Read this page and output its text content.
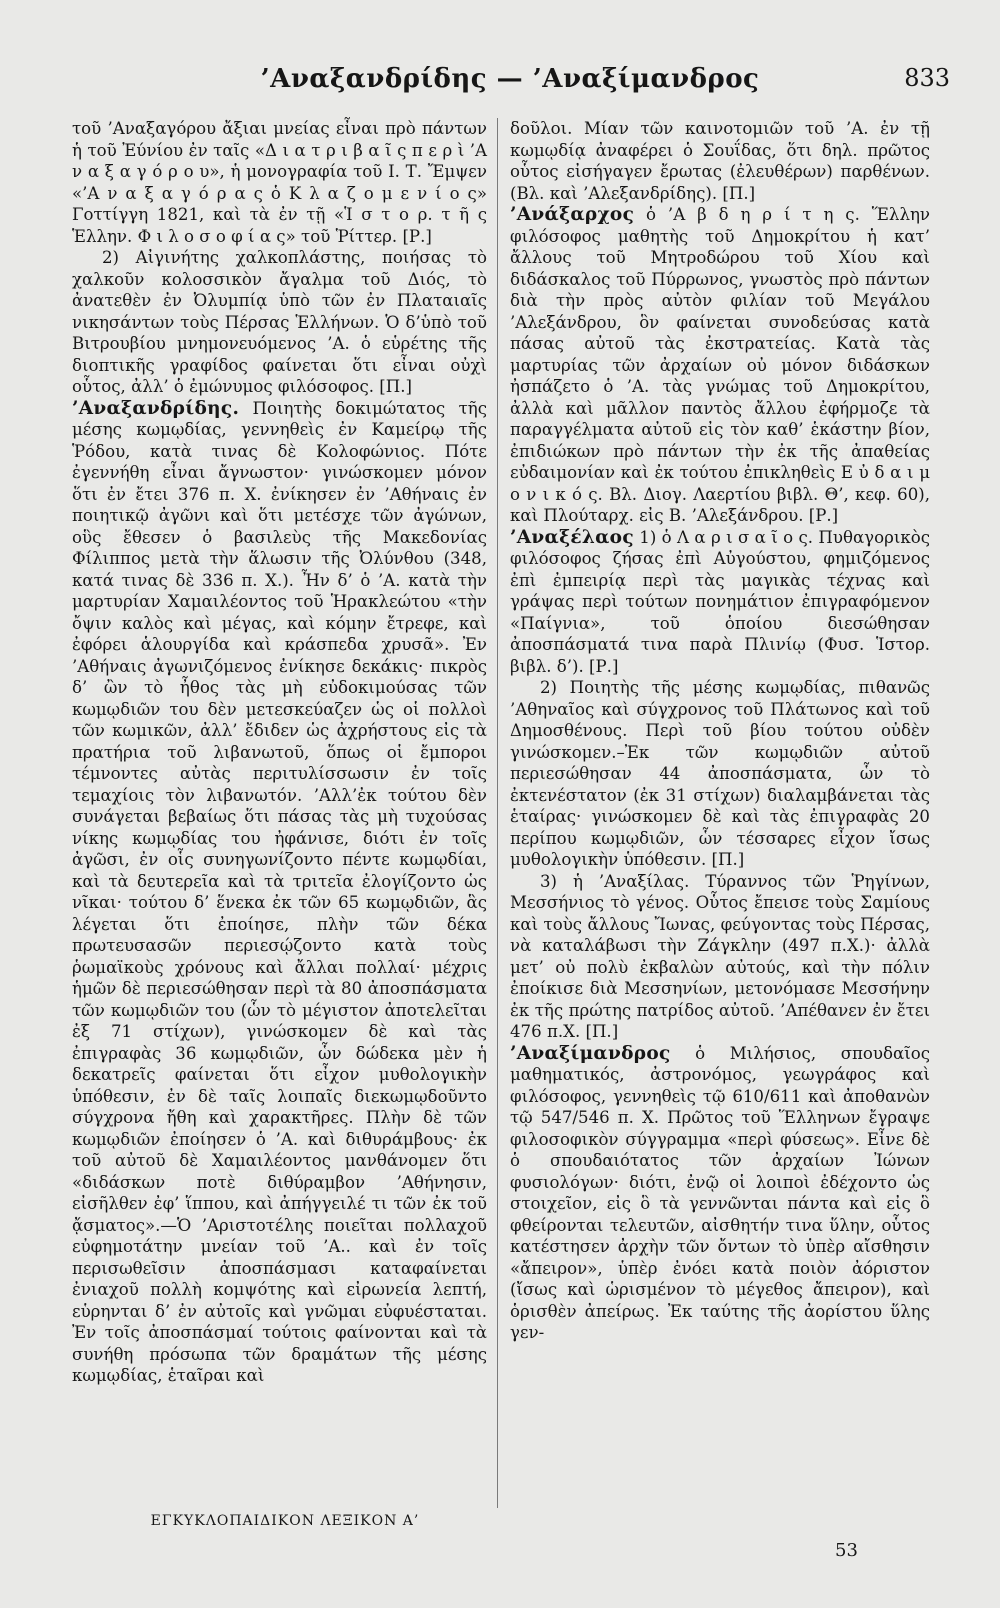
’Αναξανδρίδης — ’Αναξίμανδρος	833

τοῦ ’Αναξαγόρου ἄξιαι μνείας εἶναι πρὸ πάντων ἡ τοῦ Ἐύνίου ἐν ταῖς «Δ ι α τ ρ ι β α ῖ ς π ε ρ ὶ ’Α ν α ξ α γ ό ρ ο υ», ἡ μονογραφία τοῦ Ι. Τ. Ἔμψεν «’Α ν α ξ α γ ό ρ α ς ὁ Κ λ α ζ ο μ ε ν ί ο ς» Γοττίγγη 1821, καὶ τὰ ἐν τῇ «Ἱ σ τ ο ρ. τ ῆ ς Ἑλλην. Φ ι λ ο σ ο φ ί α ς» τοῦ Ῥίττερ. [Ρ.]

2) Αἰγινήτης χαλκοπλάστης, ποιήσας τὸ χαλκοῦν κολοσσικὸν ἄγαλμα τοῦ Διός, τὸ ἀνατεθὲν ἐν Ὀλυμπίᾳ ὑπὸ τῶν ἐν Πλαταιαῖς νικησάντων τοὺς Πέρσας Ἑλλήνων. Ὁ δ’ὑπὸ τοῦ Βιτρουβίου μνημονευόμενος ’Α. ὁ εὑρέτης τῆς διοπτικῆς γραφίδος φαίνεται ὅτι εἶναι οὐχὶ οὗτος, ἀλλ’ ὁ ἐμώνυμος φιλόσοφος. [Π.]

’Αναξανδρίδης. Ποιητὴς δοκιμώτατος τῆς μέσης κωμῳδίας, γεννηθεὶς ἐν Καμείρῳ τῆς Ῥόδου, κατὰ τινας δὲ Κολοφώνιος. Πότε ἐγεννήθη εἶναι ἄγνωστον· γινώσκομεν μόνον ὅτι ἐν ἔτει 376 π. Χ. ἐνίκησεν ἐν ’Αθήναις ἐν ποιητικῷ ἀγῶνι καὶ ὅτι μετέσχε τῶν ἀγώνων, οὓς ἔθεσεν ὁ βασιλεὺς τῆς Μακεδονίας Φίλιππος μετὰ τὴν ἅλωσιν τῆς Ὀλύνθου (348, κατά τινας δὲ 336 π. Χ.). Ἦν δ’ ὁ ’Α. κατὰ τὴν μαρτυρίαν Χαμαιλέοντος τοῦ Ἡρακλεώτου «τὴν ὄψιν καλὸς καὶ μέγας, καὶ κόμην ἔτρεφε, καὶ ἐφόρει ἁλουργίδα καὶ κράσπεδα χρυσᾶ». Ἐν ’Αθήναις ἀγωνιζόμενος ἐνίκησε δεκάκις· πικρὸς δ’ ὢν τὸ ἦθος τὰς μὴ εὐδοκιμούσας τῶν κωμῳδιῶν του δὲν μετεσκεύαζεν ὡς οἱ πολλοὶ τῶν κωμικῶν, ἀλλ’ ἔδιδεν ὡς ἀχρήστους εἰς τὰ πρατήρια τοῦ λιβανωτοῦ, ὅπως οἱ ἔμποροι τέμνοντες αὐτὰς περιτυλίσσωσιν ἐν τοῖς τεμαχίοις τὸν λιβανωτόν. ’Αλλ’ἐκ τούτου δὲν συνάγεται βεβαίως ὅτι πάσας τὰς μὴ τυχούσας νίκης κωμῳδίας του ἠφάνισε, διότι ἐν τοῖς ἀγῶσι, ἐν οἷς συνηγωνίζοντο πέντε κωμῳδίαι, καὶ τὰ δευτερεῖα καὶ τὰ τριτεῖα ἐλογίζοντο ὡς νῖκαι· τούτου δ’ ἕνεκα ἐκ τῶν 65 κωμῳδιῶν, ἃς λέγεται ὅτι ἐποίησε, πλὴν τῶν δέκα πρωτευσασῶν περιεσῴζοντο κατὰ τοὺς ῥωμαϊκοὺς χρόνους καὶ ἄλλαι πολλαί· μέχρις ἡμῶν δὲ περιεσώθησαν περὶ τὰ 80 ἀποσπάσματα τῶν κωμῳδιῶν του (ὧν τὸ μέγιστον ἀποτελεῖται ἐξ 71 στίχων), γινώσκομεν δὲ καὶ τὰς ἐπιγραφὰς 36 κωμῳδιῶν, ὧν δώδεκα μὲν ἡ δεκατρεῖς φαίνεται ὅτι εἶχον μυθολογικὴν ὑπόθεσιν, ἐν δὲ ταῖς λοιπαῖς διεκωμῳδοῦντο σύγχρονα ἤθη καὶ χαρακτῆρες. Πλὴν δὲ τῶν κωμῳδιῶν ἐποίησεν ὁ ’Α. καὶ διθυράμβους· ἐκ τοῦ αὐτοῦ δὲ Χαμαιλέοντος μανθάνομεν ὅτι «διδάσκων ποτὲ διθύραμβον ’Αθήνησιν, εἰσῆλθεν ἐφ’ ἵππου, καὶ ἀπήγγειλέ τι τῶν ἐκ τοῦ ᾄσματος».—Ὁ ’Αριστοτέλης ποιεῖται πολλαχοῦ εὐφημοτάτην μνείαν τοῦ ’Α.. καὶ ἐν τοῖς περισωθεῖσιν ἀποσπάσμασι καταφαίνεται ἐνιαχοῦ πολλὴ κομψότης καὶ εἰρωνεία λεπτή, εὑρηνται δ’ ἐν αὐτοῖς καὶ γνῶμαι εὐφυέσταται. Ἐν τοῖς ἀποσπάσμαί τούτοις φαίνονται καὶ τὰ συνήθη πρόσωπα τῶν δραμάτων τῆς μέσης κωμῳδίας, ἑταῖραι καὶ

δοῦλοι. Μίαν τῶν καινοτομιῶν τοῦ ’Α. ἐν τῇ κωμῳδίᾳ ἀναφέρει ὁ Σουΐδας, ὅτι δηλ. πρῶτος οὗτος εἰσήγαγεν ἔρωτας (ἐλευθέρων) παρθένων. (Βλ. καὶ ’Αλεξανδρίδης). [Π.]

’Ανάξαρχος ὁ ’Α β δ η ρ ί τ η ς. Ἕλλην φιλόσοφος μαθητὴς τοῦ Δημοκρίτου ἡ κατ’ ἄλλους τοῦ Μητροδώρου τοῦ Χίου καὶ διδάσκαλος τοῦ Πύρρωνος, γνωστὸς πρὸ πάντων διὰ τὴν πρὸς αὐτὸν φιλίαν τοῦ Μεγάλου ’Αλεξάνδρου, ὃν φαίνεται συνοδεύσας κατὰ πάσας αὐτοῦ τὰς ἐκστρατείας. Κατὰ τὰς μαρτυρίας τῶν ἀρχαίων οὐ μόνον διδάσκων ἠσπάζετο ὁ ’Α. τὰς γνώμας τοῦ Δημοκρίτου, ἀλλὰ καὶ μᾶλλον παντὸς ἄλλου ἐφήρμοζε τὰ παραγγέλματα αὐτοῦ εἰς τὸν καθ’ ἑκάστην βίον, ἐπιδιώκων πρὸ πάντων τὴν ἐκ τῆς ἀπαθείας εὐδαιμονίαν καὶ ἐκ τούτου ἐπικληθεὶς Ε ὐ δ α ι μ ο ν ι κ ό ς. Βλ. Διογ. Λαερτίου βιβλ. Θ’, κεφ. 60), καὶ Πλούταρχ. εἰς Β. ’Αλεξάνδρου. [Ρ.]

’Αναξέλαος 1) ὁ Λ α ρ ι σ α ῖ ο ς. Πυθαγορικὸς φιλόσοφος ζήσας ἐπὶ Αὐγούστου, φημιζόμενος ἐπὶ ἐμπειρίᾳ περὶ τὰς μαγικὰς τέχνας καὶ γράψας περὶ τούτων πονημάτιον ἐπιγραφόμενον «Παίγνια», τοῦ ὁποίου διεσώθησαν ἀποσπάσματά τινα παρὰ Πλινίῳ (Φυσ. Ἱστορ. βιβλ. δ’). [Ρ.]

2) Ποιητὴς τῆς μέσης κωμῳδίας, πιθανῶς ’Αθηναῖος καὶ σύγχρονος τοῦ Πλάτωνος καὶ τοῦ Δημοσθένους. Περὶ τοῦ βίου τούτου οὐδὲν γινώσκομεν.–Ἐκ τῶν κωμῳδιῶν αὐτοῦ περιεσώθησαν 44 ἀποσπάσματα, ὧν τὸ ἐκτενέστατον (ἐκ 31 στίχων) διαλαμβάνεται τὰς ἑταίρας· γινώσκομεν δὲ καὶ τὰς ἐπιγραφὰς 20 περίπου κωμῳδιῶν, ὧν τέσσαρες εἶχον ἴσως μυθολογικὴν ὑπόθεσιν. [Π.]

3) ἡ ’Αναξίλας. Τύραννος τῶν Ῥηγίνων, Μεσσήνιος τὸ γένος. Οὗτος ἔπεισε τοὺς Σαμίους καὶ τοὺς ἄλλους Ἴωνας, φεύγοντας τοὺς Πέρσας, νὰ καταλάβωσι τὴν Ζάγκλην (497 π.Χ.)· ἀλλὰ μετ’ οὐ πολὺ ἐκβαλὼν αὐτούς, καὶ τὴν πόλιν ἐποίκισε διὰ Μεσσηνίων, μετονόμασε Μεσσήνην ἐκ τῆς πρώτης πατρίδος αὐτοῦ. ’Απέθανεν ἐν ἔτει 476 π.Χ. [Π.]

’Αναξίμανδρος ὁ Μιλήσιος, σπουδαῖος μαθηματικός, ἀστρονόμος, γεωγράφος καὶ φιλόσοφος, γεννηθεὶς τῷ 610/611 καὶ ἀποθανὼν τῷ 547/546 π. Χ. Πρῶτος τοῦ Ἕλληνων ἔγραψε φιλοσοφικὸν σύγγραμμα «περὶ φύσεως». Εἶνε δὲ ὁ σπουδαιότατος τῶν ἀρχαίων Ἰώνων φυσιολόγων· διότι, ἐνῷ οἱ λοιποὶ ἐδέχοντο ὡς στοιχεῖον, εἰς ὃ τὰ γεννῶνται πάντα καὶ εἰς ὃ φθείρονται τελευτῶν, αἰσθητήν τινα ὕλην, οὗτος κατέστησεν ἀρχὴν τῶν ὄντων τὸ ὑπὲρ αἴσθησιν «ἄπειρον», ὑπὲρ ἐνόει κατὰ ποιὸν ἀόριστον (ἴσως καὶ ὡρισμένον τὸ μέγεθος ἄπειρον), καὶ ὁρισθὲν ἀπείρως. Ἐκ ταύτης τῆς ἀορίστου ὕλης γεν-

ΕΓΚΥΚΛΟΠΑΙΔΙΚΟΝ ΛΕΞΙΚΟΝ Α’
53
